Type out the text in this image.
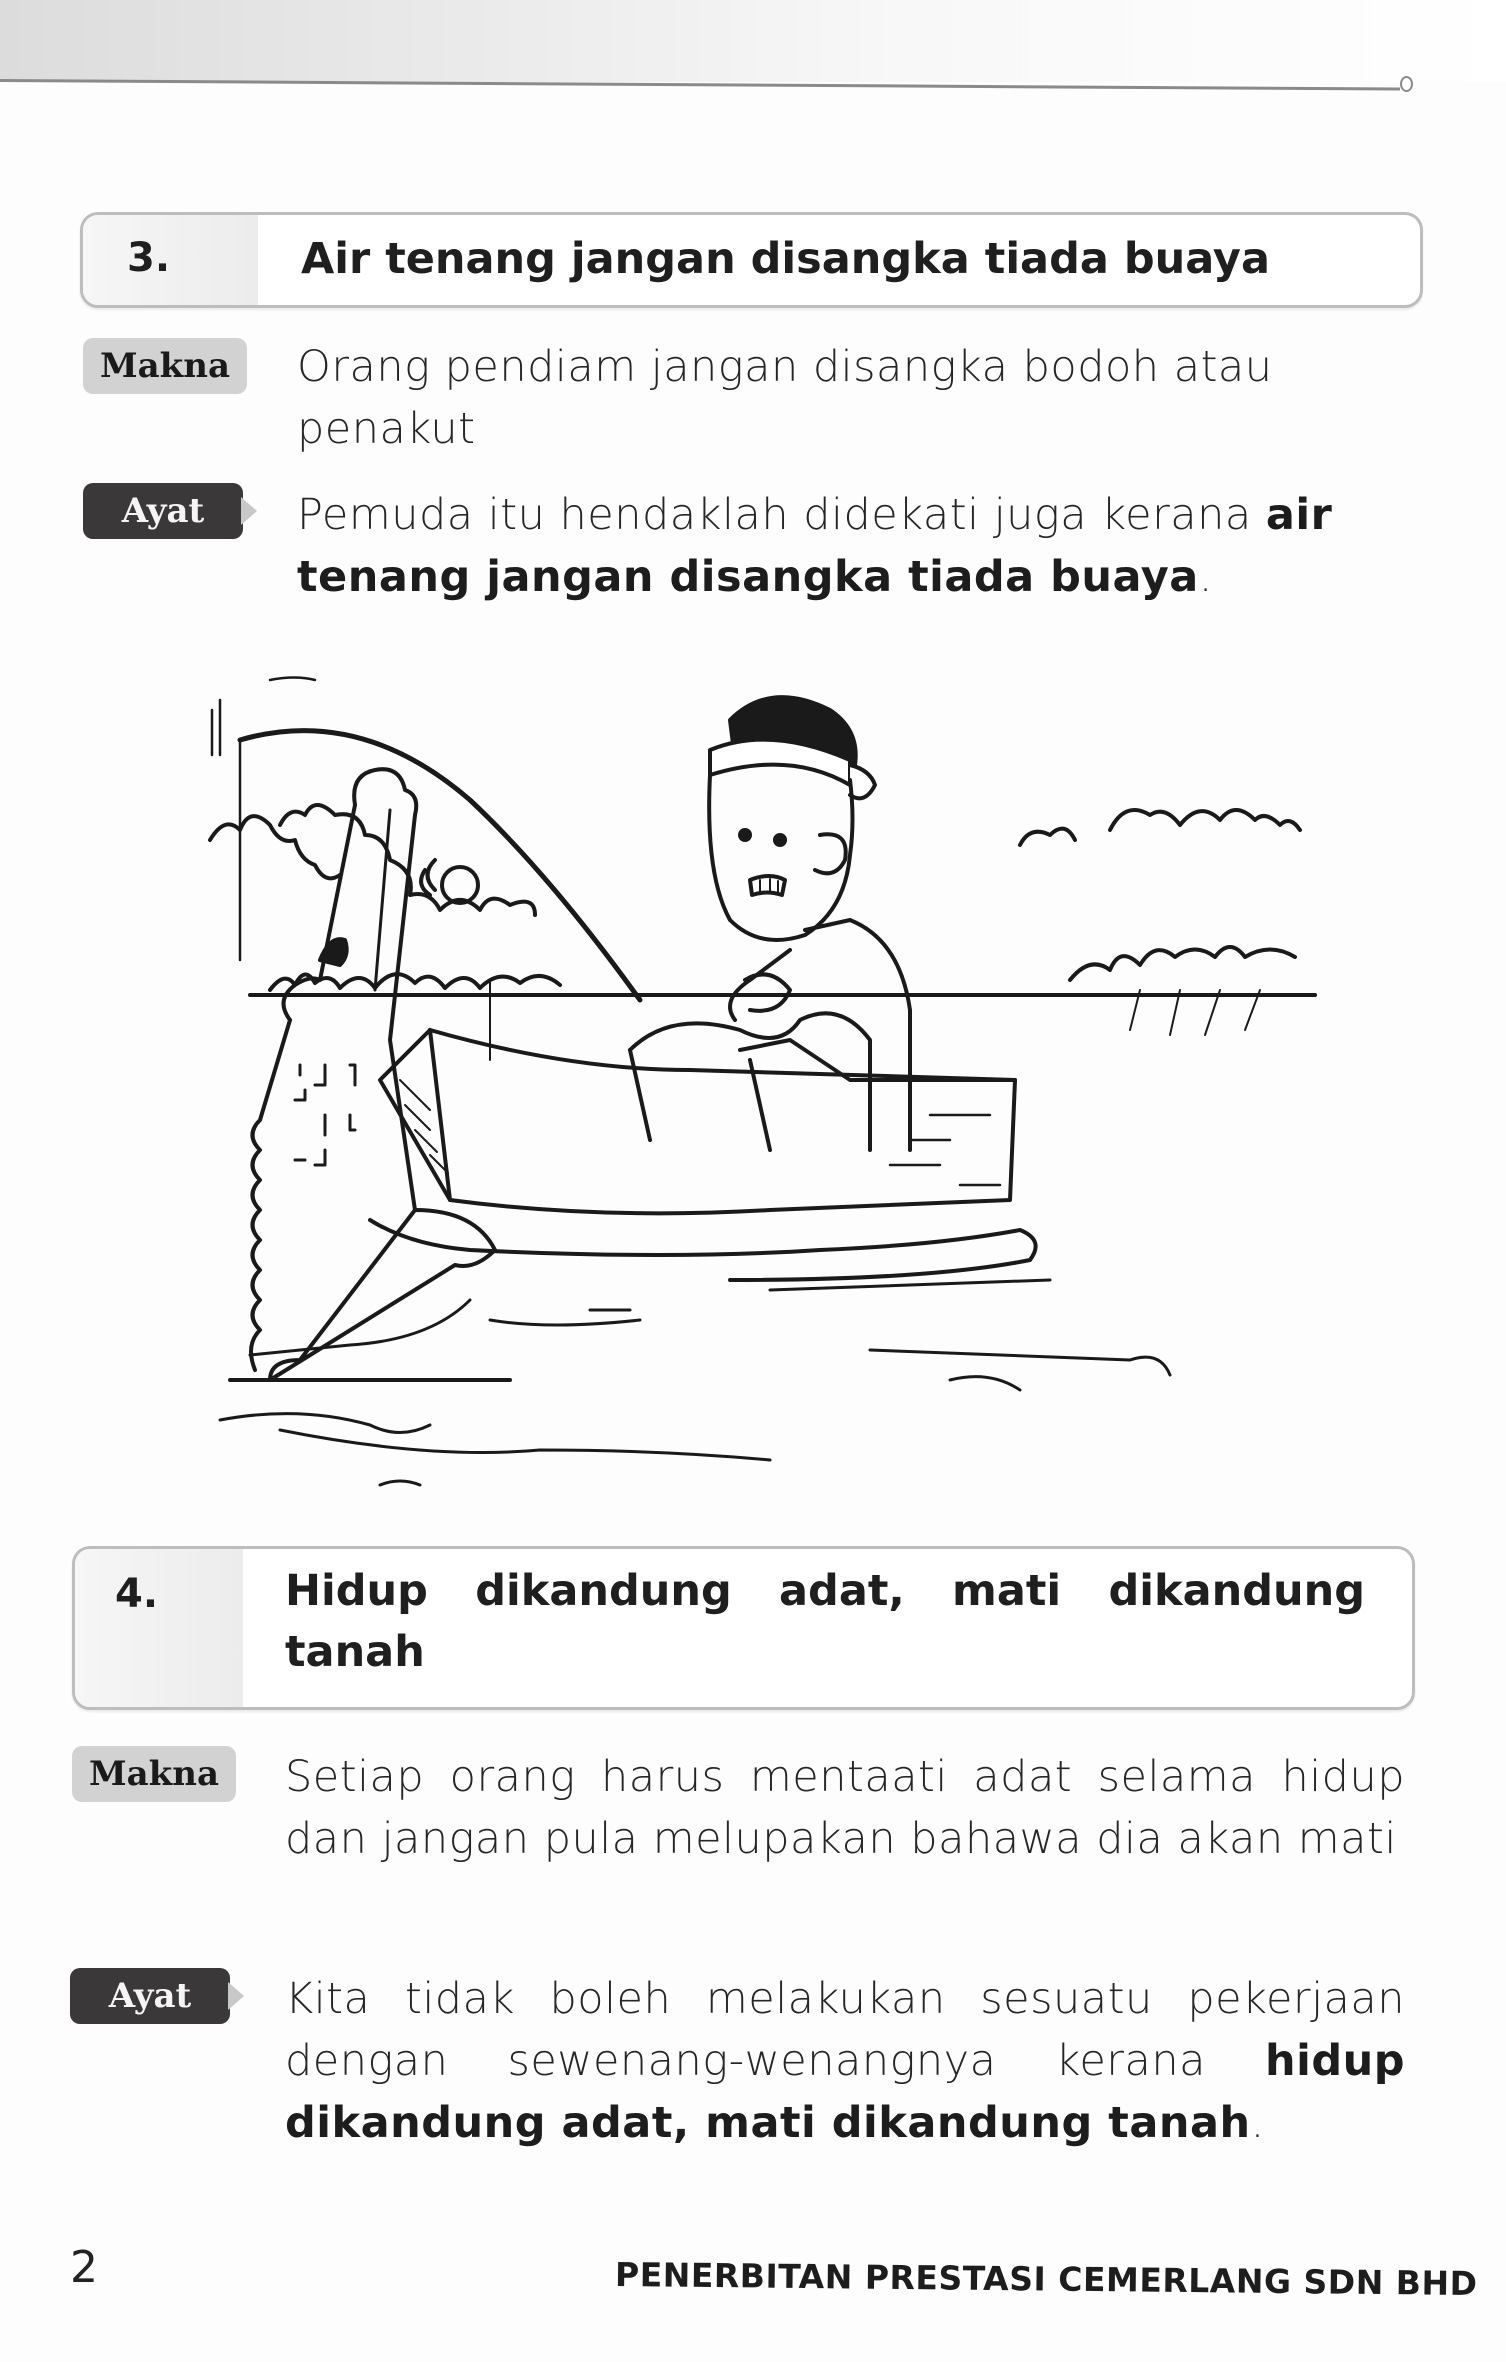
3.	Air tenang jangan disangka tiada buaya
Makna	Orang pendiam jangan disangka bodoh atau penakut
Ayat	Pemuda itu hendaklah didekati juga kerana air tenang jangan disangka tiada buaya.
4.	Hidup dikandung adat, mati dikandung tanah
Makna	Setiap orang harus mentaati adat selama hidup dan jangan pula melupakan bahawa dia akan mati
Ayat	Kita tidak boleh melakukan sesuatu pekerjaan dengan sewenang-wenangnya kerana hidup dikandung adat, mati dikandung tanah.
2	PENERBITAN PRESTASI CEMERLANG SDN BHD
